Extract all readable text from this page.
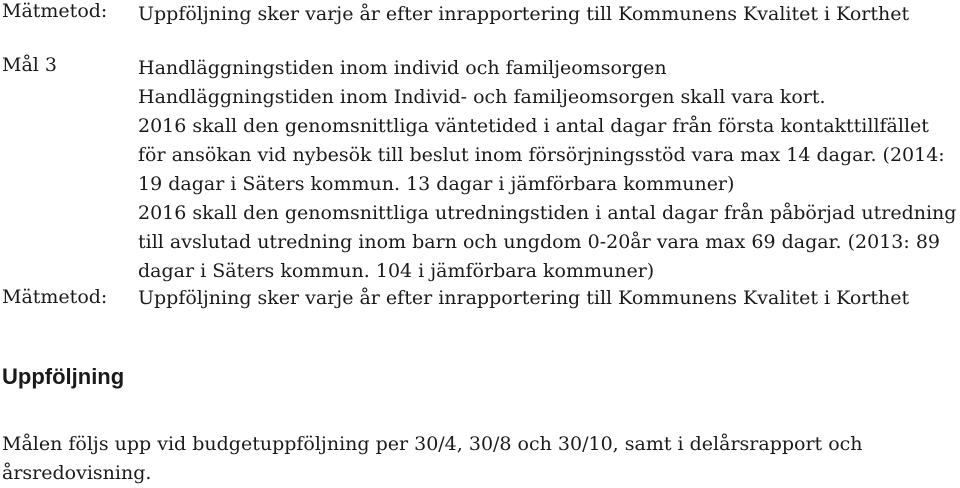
Mätmetod: Uppföljning sker varje år efter inrapportering till Kommunens Kvalitet i Korthet
Mål 3	Handläggningstiden inom individ och familjeomsorgen
Handläggningstiden inom Individ- och familjeomsorgen skall vara kort.
2016 skall den genomsnittliga väntetided i antal dagar från första kontakttillfället
för ansökan vid nybesök till beslut inom försörjningsstöd vara max 14 dagar. (2014:
19 dagar i Säters kommun. 13 dagar i jämförbara kommuner)
2016 skall den genomsnittliga utredningstiden i antal dagar från påbörjad utredning
till avslutad utredning inom barn och ungdom 0-20år vara max 69 dagar. (2013: 89
dagar i Säters kommun. 104 i jämförbara kommuner)
Mätmetod: Uppföljning sker varje år efter inrapportering till Kommunens Kvalitet i Korthet
Uppföljning
Målen följs upp vid budgetuppföljning per 30/4, 30/8 och 30/10, samt i delårsrapport och
årsredovisning.
